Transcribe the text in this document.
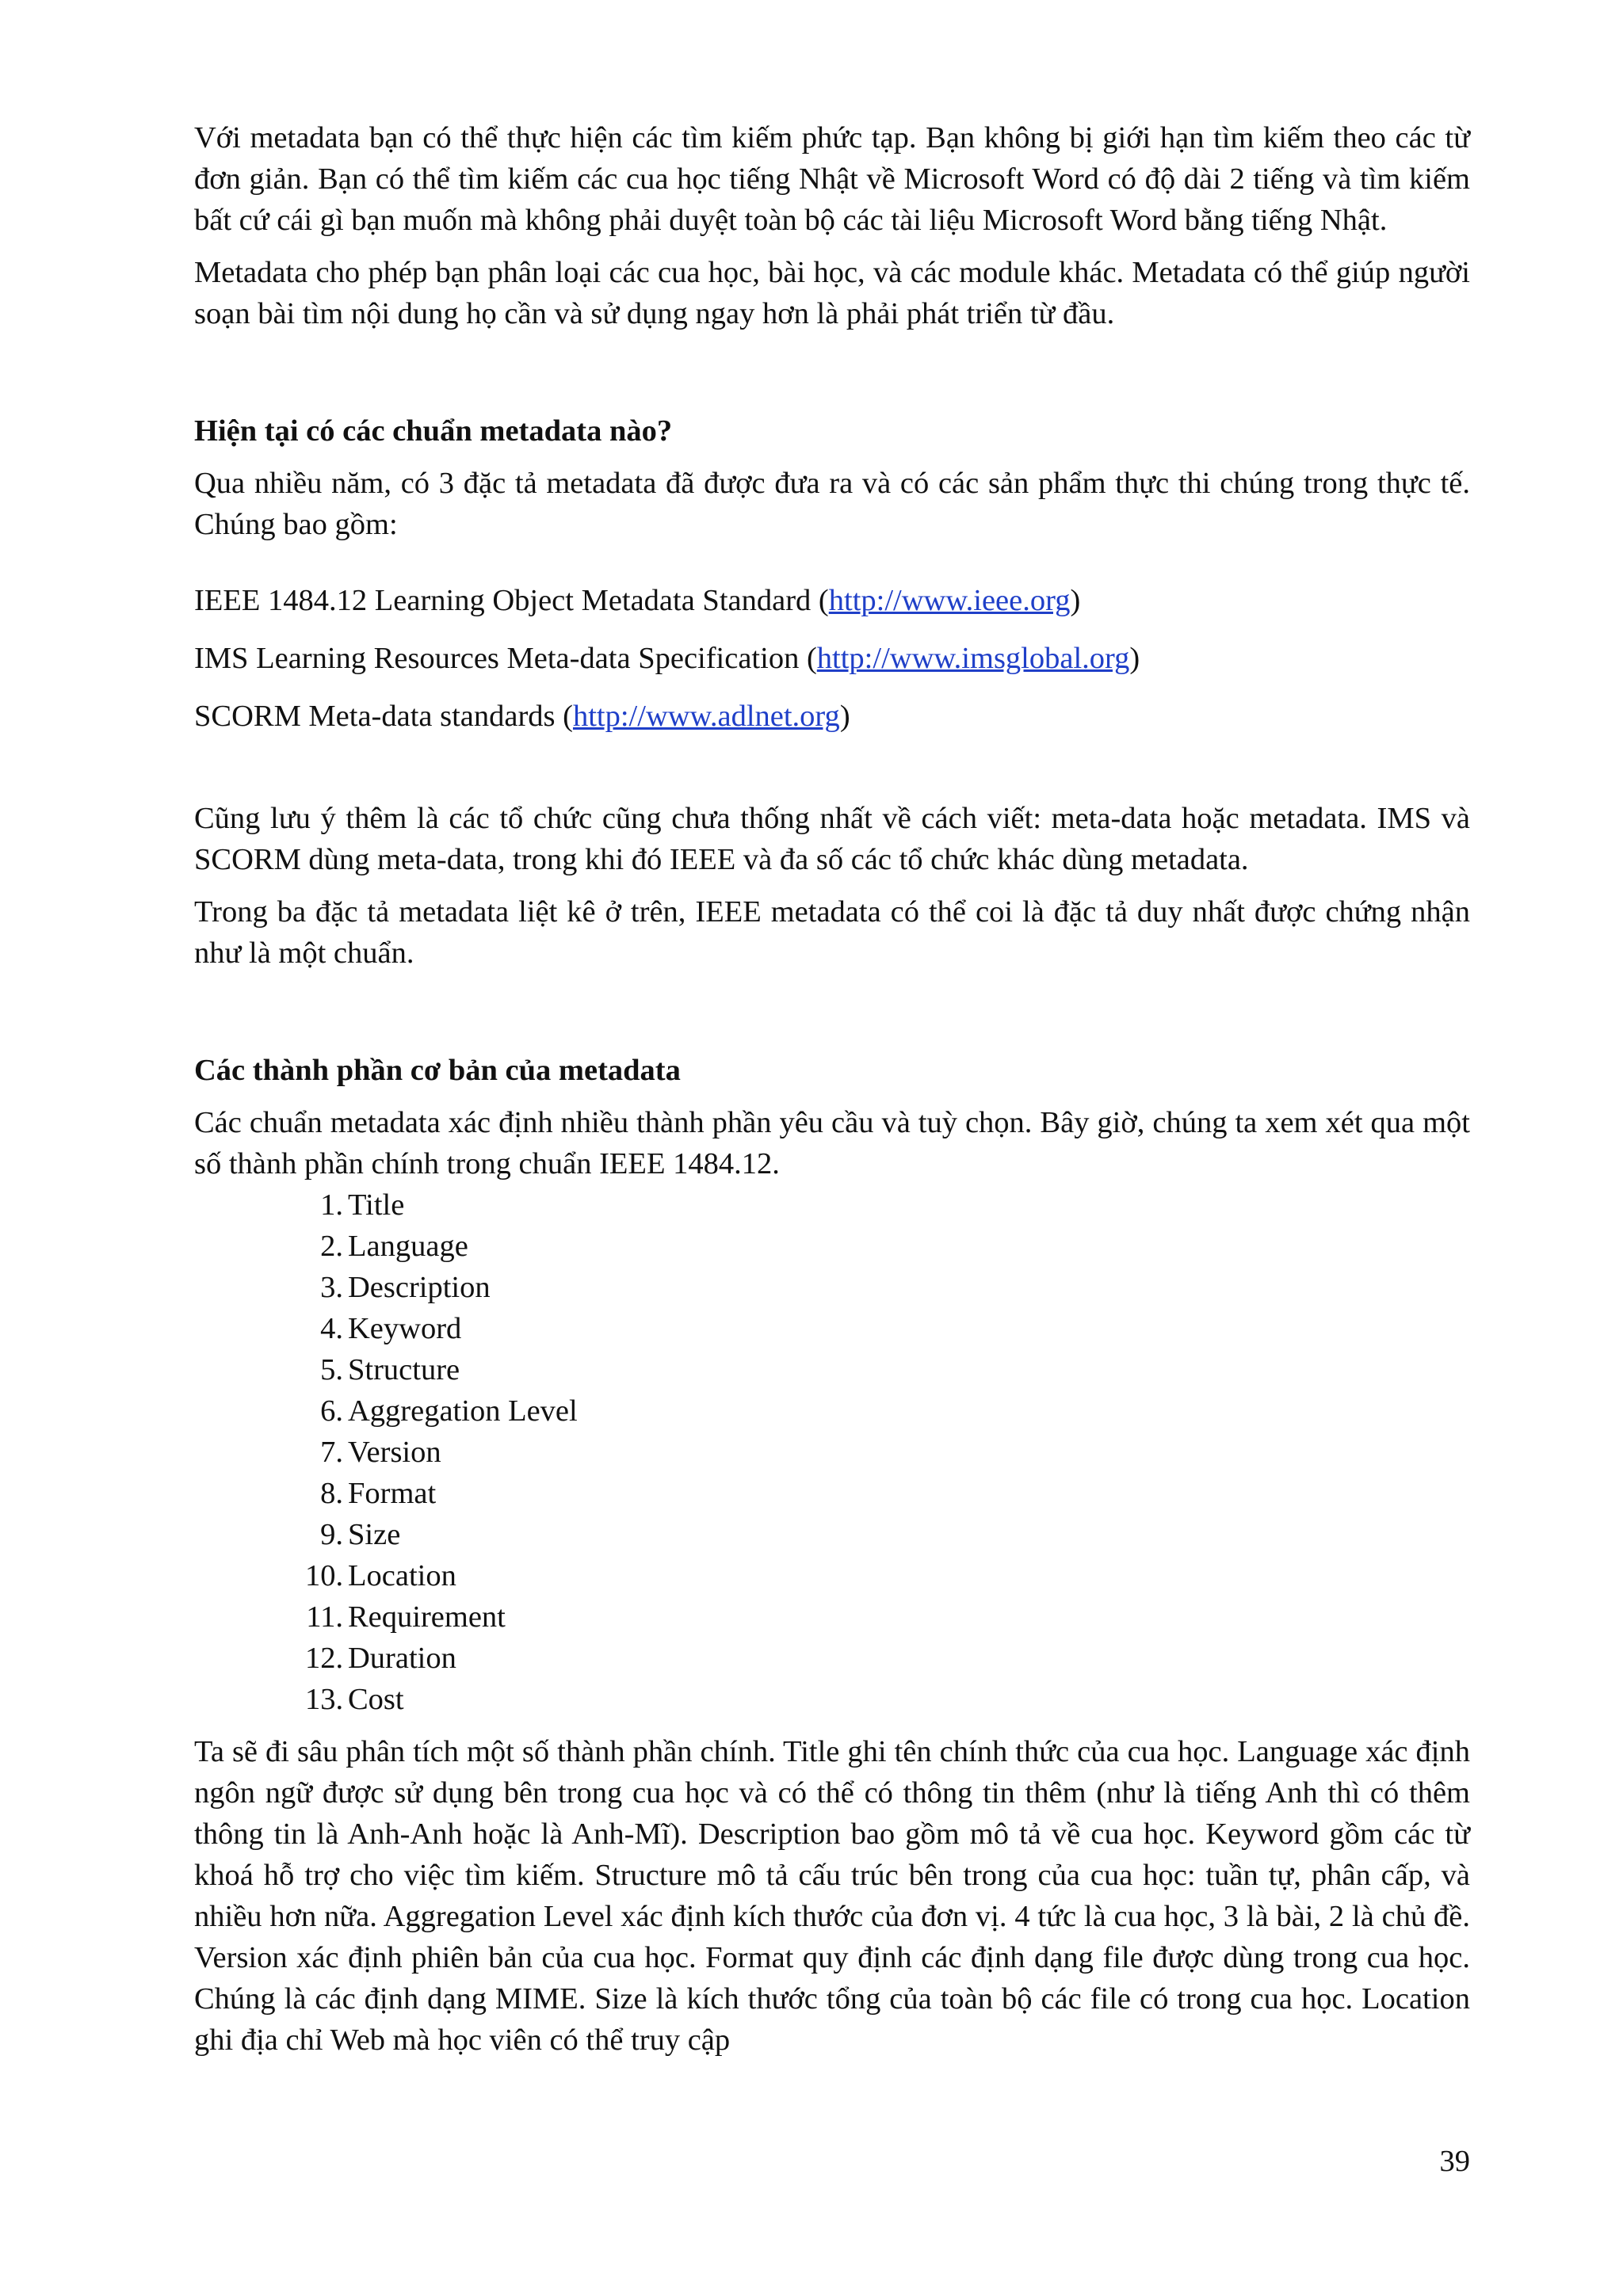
Với metadata bạn có thể thực hiện các tìm kiếm phức tạp. Bạn không bị giới hạn tìm kiếm theo các từ đơn giản. Bạn có thể tìm kiếm các cua học tiếng Nhật về Microsoft Word có độ dài 2 tiếng và tìm kiếm bất cứ cái gì bạn muốn mà không phải duyệt toàn bộ các tài liệu Microsoft Word bằng tiếng Nhật.

Metadata cho phép bạn phân loại các cua học, bài học, và các module khác. Metadata có thể giúp người soạn bài tìm nội dung họ cần và sử dụng ngay hơn là phải phát triển từ đầu.

Hiện tại có các chuẩn metadata nào?

Qua nhiều năm, có 3 đặc tả metadata đã được đưa ra và có các sản phẩm thực thi chúng trong thực tế. Chúng bao gồm:

IEEE 1484.12 Learning Object Metadata Standard (http://www.ieee.org)
IMS Learning Resources Meta-data Specification (http://www.imsglobal.org)
SCORM Meta-data standards (http://www.adlnet.org)

Cũng lưu ý thêm là các tổ chức cũng chưa thống nhất về cách viết: meta-data hoặc metadata. IMS và SCORM dùng meta-data, trong khi đó IEEE và đa số các tổ chức khác dùng metadata.

Trong ba đặc tả metadata liệt kê ở trên, IEEE metadata có thể coi là đặc tả duy nhất được chứng nhận như là một chuẩn.

Các thành phần cơ bản của metadata

Các chuẩn metadata xác định nhiều thành phần yêu cầu và tuỳ chọn. Bây giờ, chúng ta xem xét qua một số thành phần chính trong chuẩn IEEE 1484.12.

1. Title
2. Language
3. Description
4. Keyword
5. Structure
6. Aggregation Level
7. Version
8. Format
9. Size
10. Location
11. Requirement
12. Duration
13. Cost

Ta sẽ đi sâu phân tích một số thành phần chính. Title ghi tên chính thức của cua học. Language xác định ngôn ngữ được sử dụng bên trong cua học và có thể có thông tin thêm (như là tiếng Anh thì có thêm thông tin là Anh-Anh hoặc là Anh-Mĩ). Description bao gồm mô tả về cua học. Keyword gồm các từ khoá hỗ trợ cho việc tìm kiếm. Structure mô tả cấu trúc bên trong của cua học: tuần tự, phân cấp, và nhiều hơn nữa. Aggregation Level xác định kích thước của đơn vị. 4 tức là cua học, 3 là bài, 2 là chủ đề. Version xác định phiên bản của cua học. Format quy định các định dạng file được dùng trong cua học. Chúng là các định dạng MIME. Size là kích thước tổng của toàn bộ các file có trong cua học. Location ghi địa chỉ Web mà học viên có thể truy cập

39
